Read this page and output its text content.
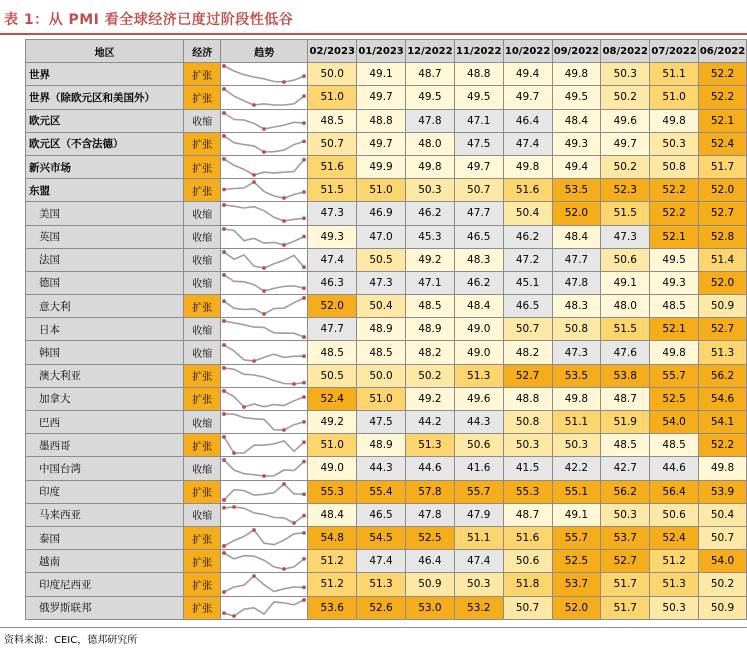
表 1：从 PMI 看全球经济已度过阶段性低谷
地区	经济	趋势	02/2023	01/2023	12/2022	11/2022	10/2022	09/2022	08/2022	07/2022	06/2022
世界	扩张		50.0	49.1	48.7	48.8	49.4	49.8	50.3	51.1	52.2
世界（除欧元区和美国外）	扩张		51.0	49.7	49.5	49.5	49.7	49.5	50.2	51.0	52.2
欧元区	收缩		48.5	48.8	47.8	47.1	46.4	48.4	49.6	49.8	52.1
欧元区（不含法德）	扩张		50.7	49.7	48.0	47.5	47.4	49.3	49.7	50.3	52.4
新兴市场	扩张		51.6	49.9	49.8	49.7	49.8	49.4	50.2	50.8	51.7
东盟	扩张		51.5	51.0	50.3	50.7	51.6	53.5	52.3	52.2	52.0
美国	收缩		47.3	46.9	46.2	47.7	50.4	52.0	51.5	52.2	52.7
英国	收缩		49.3	47.0	45.3	46.5	46.2	48.4	47.3	52.1	52.8
法国	收缩		47.4	50.5	49.2	48.3	47.2	47.7	50.6	49.5	51.4
德国	收缩		46.3	47.3	47.1	46.2	45.1	47.8	49.1	49.3	52.0
意大利	扩张		52.0	50.4	48.5	48.4	46.5	48.3	48.0	48.5	50.9
日本	收缩		47.7	48.9	48.9	49.0	50.7	50.8	51.5	52.1	52.7
韩国	收缩		48.5	48.5	48.2	49.0	48.2	47.3	47.6	49.8	51.3
澳大利亚	扩张		50.5	50.0	50.2	51.3	52.7	53.5	53.8	55.7	56.2
加拿大	扩张		52.4	51.0	49.2	49.6	48.8	49.8	48.7	52.5	54.6
巴西	收缩		49.2	47.5	44.2	44.3	50.8	51.1	51.9	54.0	54.1
墨西哥	扩张		51.0	48.9	51.3	50.6	50.3	50.3	48.5	48.5	52.2
中国台湾	收缩		49.0	44.3	44.6	41.6	41.5	42.2	42.7	44.6	49.8
印度	扩张		55.3	55.4	57.8	55.7	55.3	55.1	56.2	56.4	53.9
马来西亚	收缩		48.4	46.5	47.8	47.9	48.7	49.1	50.3	50.6	50.4
泰国	扩张		54.8	54.5	52.5	51.1	51.6	55.7	53.7	52.4	50.7
越南	扩张		51.2	47.4	46.4	47.4	50.6	52.5	52.7	51.2	54.0
印度尼西亚	扩张		51.2	51.3	50.9	50.3	51.8	53.7	51.7	51.3	50.2
俄罗斯联邦	扩张		53.6	52.6	53.0	53.2	50.7	52.0	51.7	50.3	50.9
资料来源：CEIC，德邦研究所
